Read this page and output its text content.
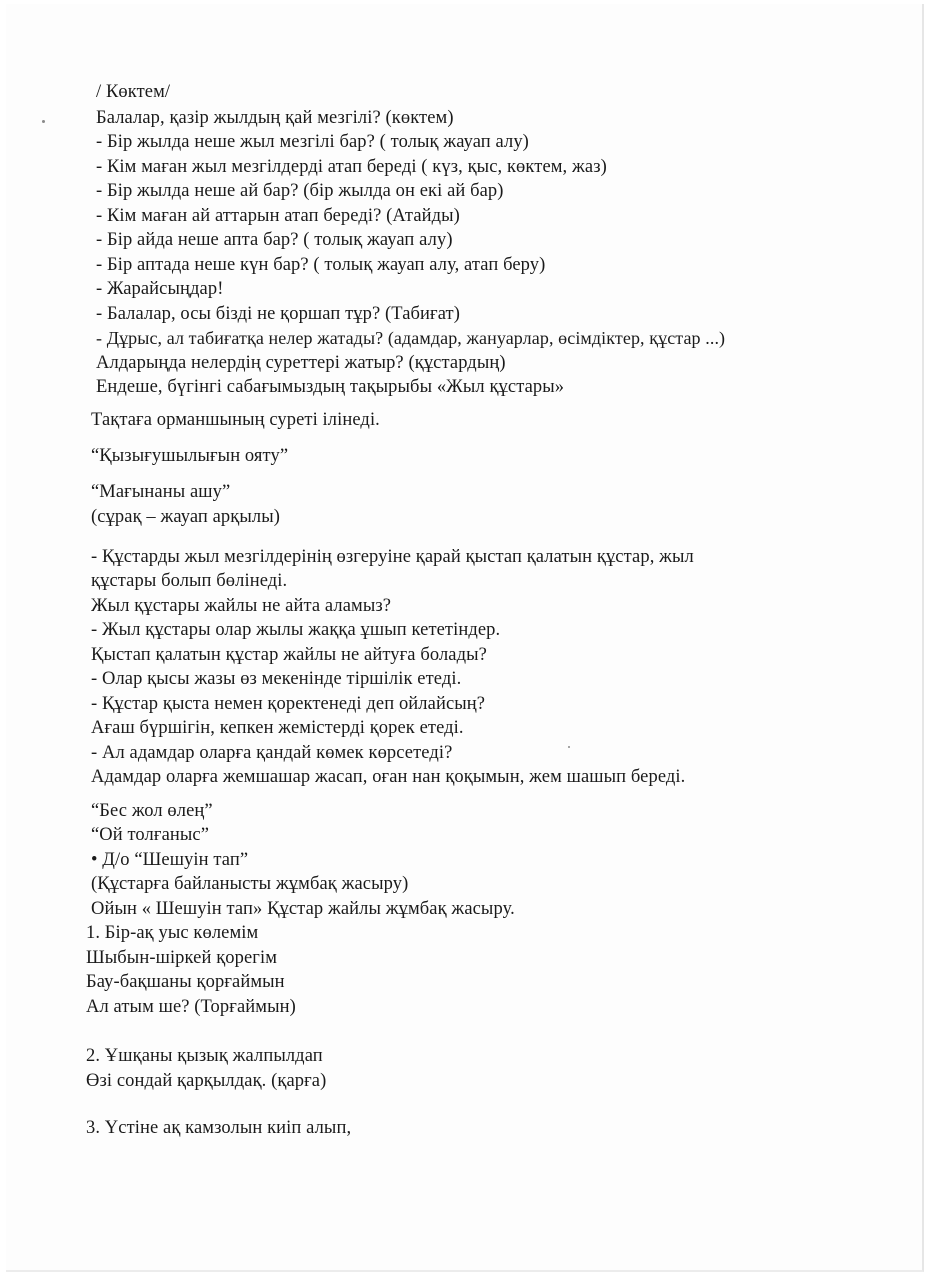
/ Көктем/
Балалар, қазір жылдың қай мезгілі? (көктем)
- Бір жылда неше жыл мезгілі бар? ( толық жауап алу)
- Кім маған жыл мезгілдерді атап береді ( күз, қыс, көктем, жаз)
- Бір жылда неше ай бар? (бір жылда он екі ай бар)
- Кім маған ай аттарын атап береді? (Атайды)
- Бір айда неше апта бар? ( толық жауап алу)
- Бір аптада неше күн бар? ( толық жауап алу, атап беру)
- Жарайсыңдар!
- Балалар, осы бізді не қоршап тұр? (Табиғат)
- Дұрыс, ал табиғатқа нелер жатады? (адамдар, жануарлар, өсімдіктер, құстар ...)
Алдарыңда нелердің суреттері жатыр? (құстардың)
Ендеше, бүгінгі сабағымыздың тақырыбы «Жыл құстары»
Тақтаға орманшының суреті ілінеді.
“Қызығушылығын ояту”
“Мағынаны ашу”
(сұрақ – жауап арқылы)
- Құстарды жыл мезгілдерінің өзгеруіне қарай қыстап қалатын құстар, жыл
құстары болып бөлінеді.
Жыл құстары жайлы не айта аламыз?
- Жыл құстары олар жылы жаққа ұшып кететіндер.
Қыстап қалатын құстар жайлы не айтуға болады?
- Олар қысы жазы өз мекенінде тіршілік етеді.
- Құстар қыста немен қоректенеді деп ойлайсың?
Ағаш бүршігін, кепкен жемістерді қорек етеді.
- Ал адамдар оларға қандай көмек көрсетеді?
Адамдар оларға жемшашар жасап, оған нан қоқымын, жем шашып береді.
“Бес жол өлең”
“Ой толғаныс”
• Д/о “Шешуін тап”
(Құстарға байланысты жұмбақ жасыру)
Ойын « Шешуін тап» Құстар жайлы жұмбақ жасыру.
1. Бір-ақ уыс көлемім
Шыбын-шіркей қорегім
Бау-бақшаны қорғаймын
Ал атым ше? (Торғаймын)
2. Ұшқаны қызық жалпылдап
Өзі сондай қарқылдақ. (қарға)
3. Үстіне ақ камзолын киіп алып,
